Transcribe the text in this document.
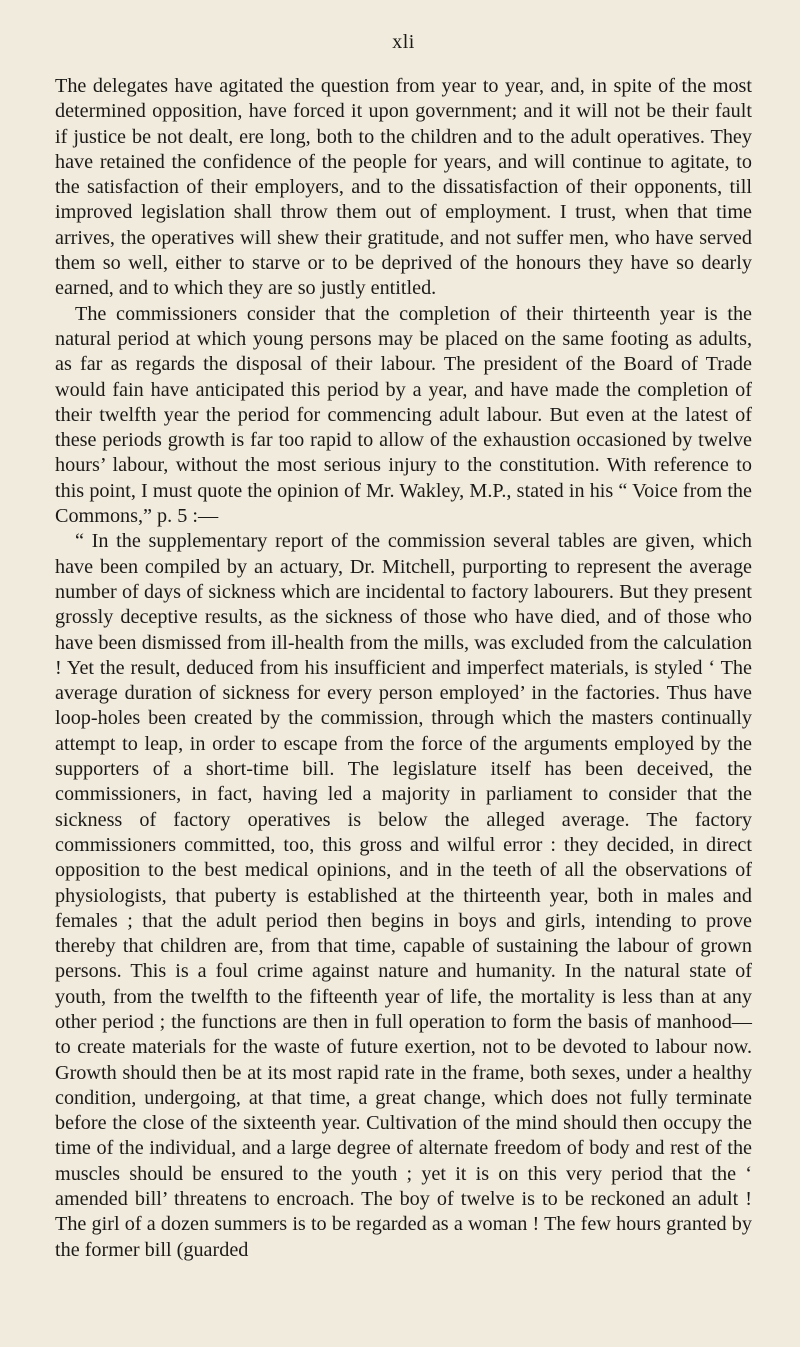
xli

The delegates have agitated the question from year to year, and, in spite of the most determined opposition, have forced it upon government; and it will not be their fault if justice be not dealt, ere long, both to the children and to the adult operatives. They have retained the confidence of the people for years, and will continue to agitate, to the satisfaction of their employers, and to the dissatisfaction of their opponents, till improved legislation shall throw them out of employment. I trust, when that time arrives, the operatives will shew their gratitude, and not suffer men, who have served them so well, either to starve or to be deprived of the honours they have so dearly earned, and to which they are so justly entitled.

The commissioners consider that the completion of their thirteenth year is the natural period at which young persons may be placed on the same footing as adults, as far as regards the disposal of their labour. The president of the Board of Trade would fain have anticipated this period by a year, and have made the completion of their twelfth year the period for commencing adult labour. But even at the latest of these periods growth is far too rapid to allow of the exhaustion occasioned by twelve hours’ labour, without the most serious injury to the constitution. With reference to this point, I must quote the opinion of Mr. Wakley, M.P., stated in his “ Voice from the Commons,” p. 5 :—

“ In the supplementary report of the commission several tables are given, which have been compiled by an actuary, Dr. Mitchell, purporting to represent the average number of days of sickness which are incidental to factory labourers. But they present grossly deceptive results, as the sickness of those who have died, and of those who have been dismissed from ill-health from the mills, was excluded from the calculation ! Yet the result, deduced from his insufficient and imperfect materials, is styled ‘ The average duration of sickness for every person employed’ in the factories. Thus have loop-holes been created by the commission, through which the masters continually attempt to leap, in order to escape from the force of the arguments employed by the supporters of a short-time bill. The legislature itself has been deceived, the commissioners, in fact, having led a majority in parliament to consider that the sickness of factory operatives is below the alleged average. The factory commissioners committed, too, this gross and wilful error : they decided, in direct opposition to the best medical opinions, and in the teeth of all the observations of physiologists, that puberty is established at the thirteenth year, both in males and females ; that the adult period then begins in boys and girls, intending to prove thereby that children are, from that time, capable of sustaining the labour of grown persons. This is a foul crime against nature and humanity. In the natural state of youth, from the twelfth to the fifteenth year of life, the mortality is less than at any other period ; the functions are then in full operation to form the basis of manhood—to create materials for the waste of future exertion, not to be devoted to labour now. Growth should then be at its most rapid rate in the frame, both sexes, under a healthy condition, undergoing, at that time, a great change, which does not fully terminate before the close of the sixteenth year. Cultivation of the mind should then occupy the time of the individual, and a large degree of alternate freedom of body and rest of the muscles should be ensured to the youth ; yet it is on this very period that the ‘ amended bill’ threatens to encroach. The boy of twelve is to be reckoned an adult ! The girl of a dozen summers is to be regarded as a woman ! The few hours granted by the former bill (guarded
